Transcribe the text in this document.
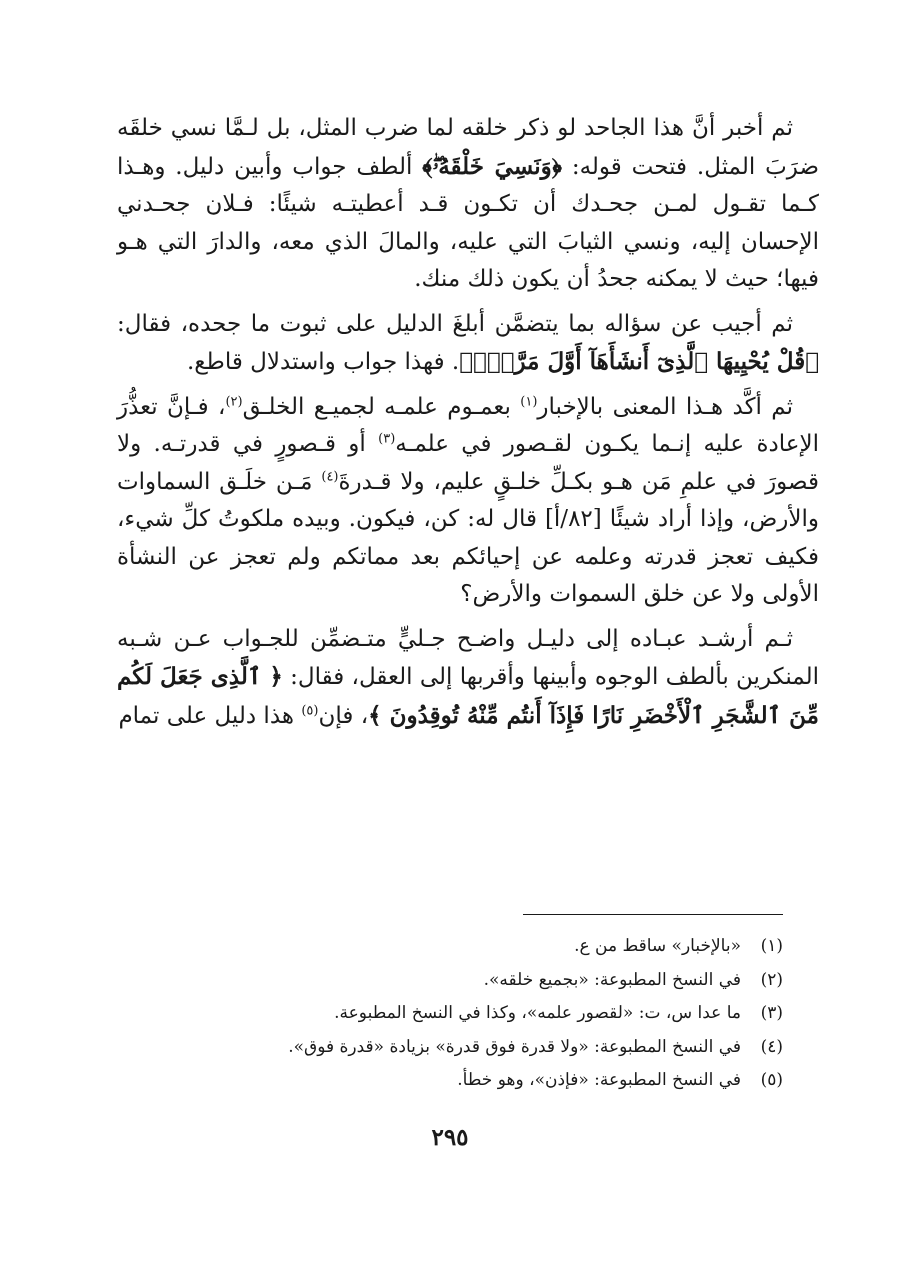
ثم أخبر أنَّ هذا الجاحد لو ذكر خلقه لما ضرب المثل، بل لـمَّا نسي خلقَه ضرَبَ المثل. فتحت قوله: ﴿وَنَسِيَ خَلْقَهُۥۖ﴾ ألطف جواب وأبين دليل. وهـذا كـما تقـول لمـن جحـدك أن تكـون قـد أعطيتـه شيئًا: فـلان جحـدني الإحسان إليه، ونسي الثيابَ التي عليه، والمالَ الذي معه، والدارَ التي هـو فيها؛ حيث لا يمكنه جحدُ أن يكون ذلك منك.

ثم أجيب عن سؤاله بما يتضمَّن أبلغَ الدليل على ثبوت ما جحده، فقال: ﴿قُلْ يُحْيِيهَا ٱلَّذِىٓ أَنشَأَهَآ أَوَّلَ مَرَّةٍۖ﴾. فهذا جواب واستدلال قاطع.

ثم أكَّد هـذا المعنى بالإخبار$^{(١)}$ بعمـوم علمـه لجميـع الخلـق$^{(٢)}$، فـإنَّ تعذُّرَ الإعادة عليه إنـما يكـون لقـصور في علمـه$^{(٣)}$ أو قـصورٍ في قدرتـه. ولا قصورَ في علمِ مَن هـو بكـلِّ خلـقٍ عليم، ولا قـدرةَ$^{(٤)}$ مَـن خلَـق السماوات والأرض، وإذا أراد شيئًا [٨٢/أ] قال له: كن، فيكون. وبيده ملكوتُ كلِّ شيء، فكيف تعجز قدرته وعلمه عن إحيائكم بعد مماتكم ولم تعجز عن النشأة الأولى ولا عن خلق السموات والأرض؟

ثـم أرشـد عبـاده إلى دليـل واضـح جـليٍّ متـضمِّن للجـواب عـن شـبه المنكرين بألطف الوجوه وأبينها وأقربها إلى العقل، فقال: ﴿ ٱلَّذِى جَعَلَ لَكُم مِّنَ ٱلشَّجَرِ ٱلْأَخْضَرِ نَارًا فَإِذَآ أَنتُم مِّنْهُ تُوقِدُونَ ﴾، فإن$^{(٥)}$ هذا دليل على تمام

(١)«بالإخبار» ساقط من ع.
(٢)في النسخ المطبوعة: «بجميع خلقه».
(٣)ما عدا س، ت: «لقصور علمه»، وكذا في النسخ المطبوعة.
(٤)في النسخ المطبوعة: «ولا قدرة فوق قدرة» بزيادة «قدرة فوق».
(٥)في النسخ المطبوعة: «فإذن»، وهو خطأ.
٢٩٥
